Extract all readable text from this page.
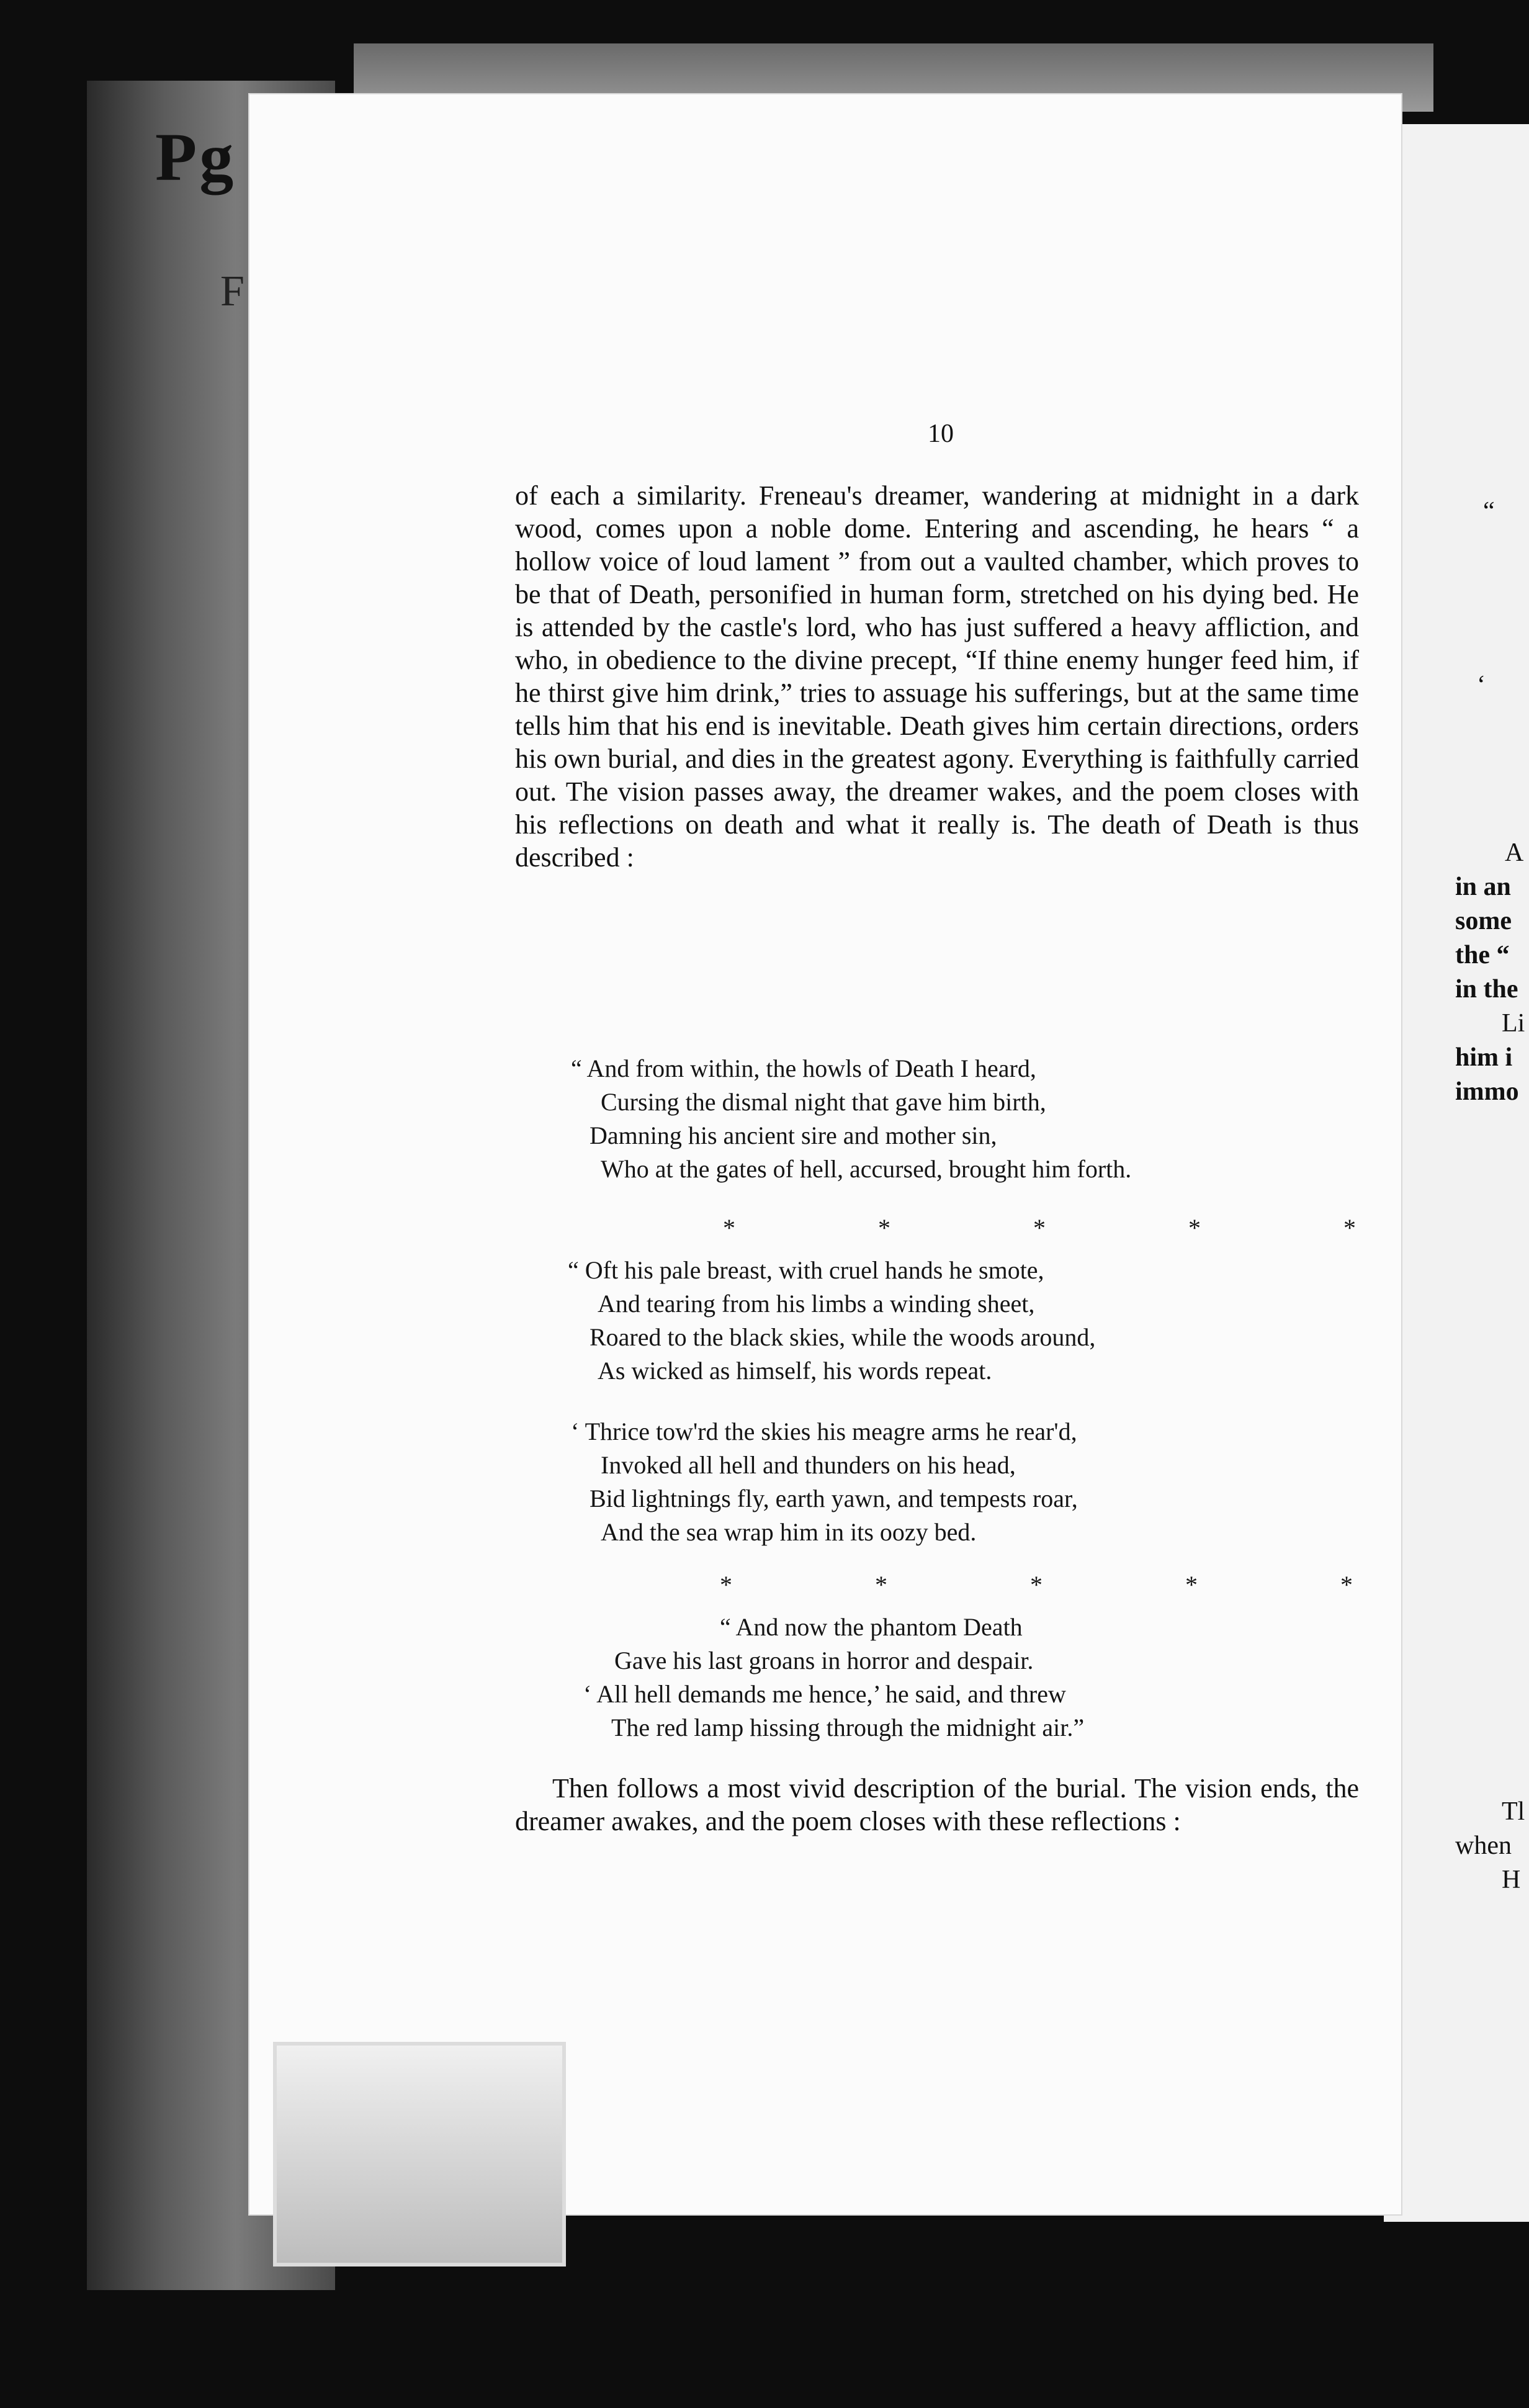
Pg
F
“
‘
A
in an
some
the “
in the
Li
him i
immo
Tl
when
H
10

of each a similarity. Freneau's dreamer, wandering at midnight in a dark wood, comes upon a noble dome. Entering and ascending, he hears “ a hollow voice of loud lament ” from out a vaulted chamber, which proves to be that of Death, personified in human form, stretched on his dying bed. He is attended by the castle's lord, who has just suffered a heavy affliction, and who, in obedience to the divine precept, “If thine enemy hunger feed him, if he thirst give him drink,” tries to assuage his sufferings, but at the same time tells him that his end is inevitable. Death gives him certain directions, orders his own burial, and dies in the greatest agony. Everything is faithfully carried out. The vision passes away, the dreamer wakes, and the poem closes with his reflections on death and what it really is. The death of Death is thus described :

“ And from within, the howls of Death I heard,
Cursing the dismal night that gave him birth,
Damning his ancient sire and mother sin,
Who at the gates of hell, accursed, brought him forth.
* * * * *
“ Oft his pale breast, with cruel hands he smote,
And tearing from his limbs a winding sheet,
Roared to the black skies, while the woods around,
As wicked as himself, his words repeat.
‘ Thrice tow'rd the skies his meagre arms he rear'd,
Invoked all hell and thunders on his head,
Bid lightnings fly, earth yawn, and tempests roar,
And the sea wrap him in its oozy bed.
* * * * *
“ And now the phantom Death
Gave his last groans in horror and despair.
‘ All hell demands me hence,’ he said, and threw
The red lamp hissing through the midnight air.”

Then follows a most vivid description of the burial. The vision ends, the dreamer awakes, and the poem closes with these reflections :
